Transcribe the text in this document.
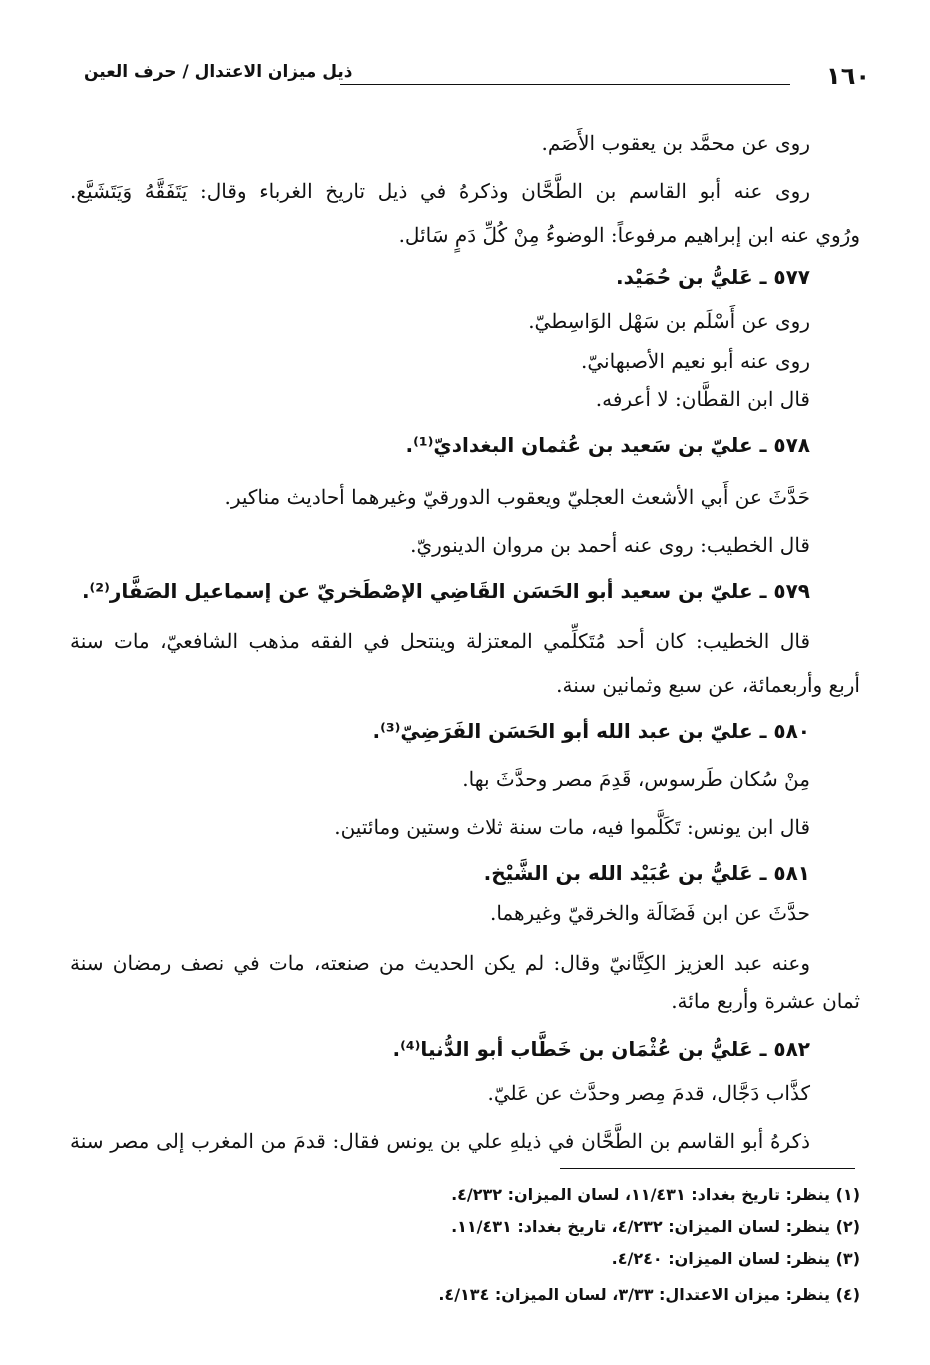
١٦٠
ذيل ميزان الاعتدال / حرف العين
روى عن محمَّد بن يعقوب الأَصَم.
روى عنه أبو القاسم بن الطَّحَّان وذكرهُ في ذيل تاريخ الغرباء وقال: يَتَفَقَّهُ وَيَتَشَيَّع.
ورُوي عنه ابن إبراهيم مرفوعاً: الوضوءُ مِنْ كُلِّ دَمٍ سَائل.
٥٧٧ ـ عَليُّ بن حُمَيْد.
روى عن أَسْلَم بن سَهْل الوَاسِطيّ.
روى عنه أبو نعيم الأصبهانيّ.
قال ابن القطَّان: لا أعرفه.
٥٧٨ ـ عليّ بن سَعيد بن عُثمان البغداديّ⁽¹⁾.
حَدَّثَ عن أَبي الأشعث العجليّ ويعقوب الدورقيّ وغيرهما أحاديث مناكير.
قال الخطيب: روى عنه أحمد بن مروان الدينوريّ.
٥٧٩ ـ عليّ بن سعيد أبو الحَسَن القَاضِي الإصْطَخريّ عن إسماعيل الصَفَّار⁽²⁾.
قال الخطيب: كان أحد مُتَكلِّمي المعتزلة وينتحل في الفقه مذهب الشافعيّ، مات سنة
أربع وأربعمائة، عن سبع وثمانين سنة.
٥٨٠ ـ عليّ بن عبد الله أبو الحَسَن الفَرَضِيّ⁽³⁾.
مِنْ سُكان طَرسوس، قَدِمَ مصر وحدَّثَ بها.
قال ابن يونس: تَكَلَّموا فيه، مات سنة ثلاث وستين ومائتين.
٥٨١ ـ عَليُّ بن عُبَيْد الله بن الشَّيْخ.
حدَّثَ عن ابن فَضَالَة والخرقيّ وغيرهما.
وعنه عبد العزيز الكِتَّانيّ وقال: لم يكن الحديث من صنعته، مات في نصف رمضان سنة
ثمان عشرة وأربع مائة.
٥٨٢ ـ عَليُّ بن عُثْمَان بن خَطَّاب أبو الدُّنيا⁽⁴⁾.
كذَّاب دَجَّال، قدمَ مِصر وحدَّث عن عَليّ.
ذكرهُ أبو القاسم بن الطَّحَّان في ذيلهِ علي بن يونس فقال: قدمَ من المغرب إلى مصر سنة
(١) ينظر: تاريخ بغداد: ١١/٤٣١، لسان الميزان: ٤/٢٣٢.
(٢) ينظر: لسان الميزان: ٤/٢٣٢، تاريخ بغداد: ١١/٤٣١.
(٣) ينظر: لسان الميزان: ٤/٢٤٠.
(٤) ينظر: ميزان الاعتدال: ٣/٣٣، لسان الميزان: ٤/١٣٤.
